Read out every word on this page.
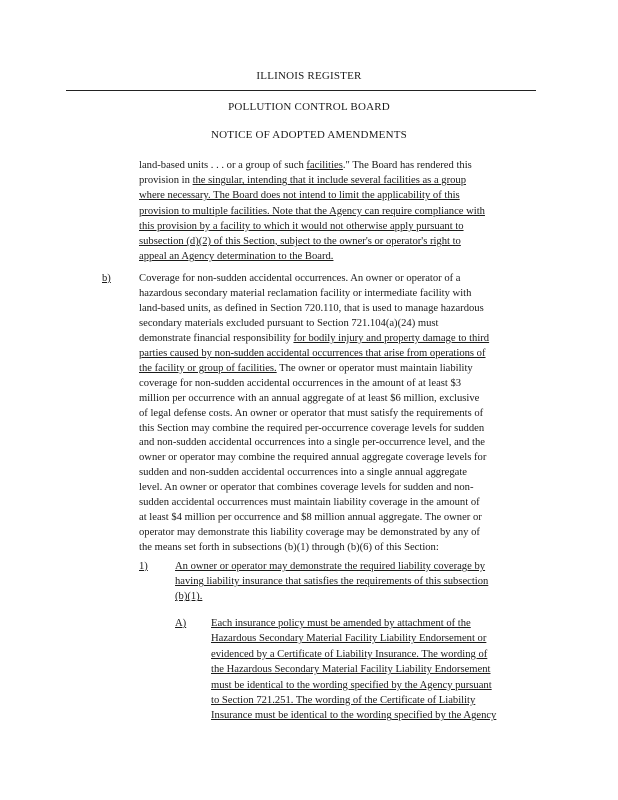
ILLINOIS REGISTER
POLLUTION CONTROL BOARD
NOTICE OF ADOPTED AMENDMENTS
land-based units . . . or a group of such facilities." The Board has rendered this
provision in the singular, intending that it include several facilities as a group
where necessary. The Board does not intend to limit the applicability of this
provision to multiple facilities. Note that the Agency can require compliance with
this provision by a facility to which it would not otherwise apply pursuant to
subsection (d)(2) of this Section, subject to the owner's or operator's right to
appeal an Agency determination to the Board.
b)	Coverage for non-sudden accidental occurrences. An owner or operator of a
hazardous secondary material reclamation facility or intermediate facility with
land-based units, as defined in Section 720.110, that is used to manage hazardous
secondary materials excluded pursuant to Section 721.104(a)(24) must
demonstrate financial responsibility for bodily injury and property damage to third
parties caused by non-sudden accidental occurrences that arise from operations of
the facility or group of facilities. The owner or operator must maintain liability
coverage for non-sudden accidental occurrences in the amount of at least $3
million per occurrence with an annual aggregate of at least $6 million, exclusive
of legal defense costs. An owner or operator that must satisfy the requirements of
this Section may combine the required per-occurrence coverage levels for sudden
and non-sudden accidental occurrences into a single per-occurrence level, and the
owner or operator may combine the required annual aggregate coverage levels for
sudden and non-sudden accidental occurrences into a single annual aggregate
level. An owner or operator that combines coverage levels for sudden and non-
sudden accidental occurrences must maintain liability coverage in the amount of
at least $4 million per occurrence and $8 million annual aggregate. The owner or
operator may demonstrate this liability coverage may be demonstrated by any of
the means set forth in subsections (b)(1) through (b)(6) of this Section:
1)	An owner or operator may demonstrate the required liability coverage by
having liability insurance that satisfies the requirements of this subsection
(b)(1).
A) Each insurance policy must be amended by attachment of the
Hazardous Secondary Material Facility Liability Endorsement or
evidenced by a Certificate of Liability Insurance. The wording of
the Hazardous Secondary Material Facility Liability Endorsement
must be identical to the wording specified by the Agency pursuant
to Section 721.251. The wording of the Certificate of Liability
Insurance must be identical to the wording specified by the Agency
